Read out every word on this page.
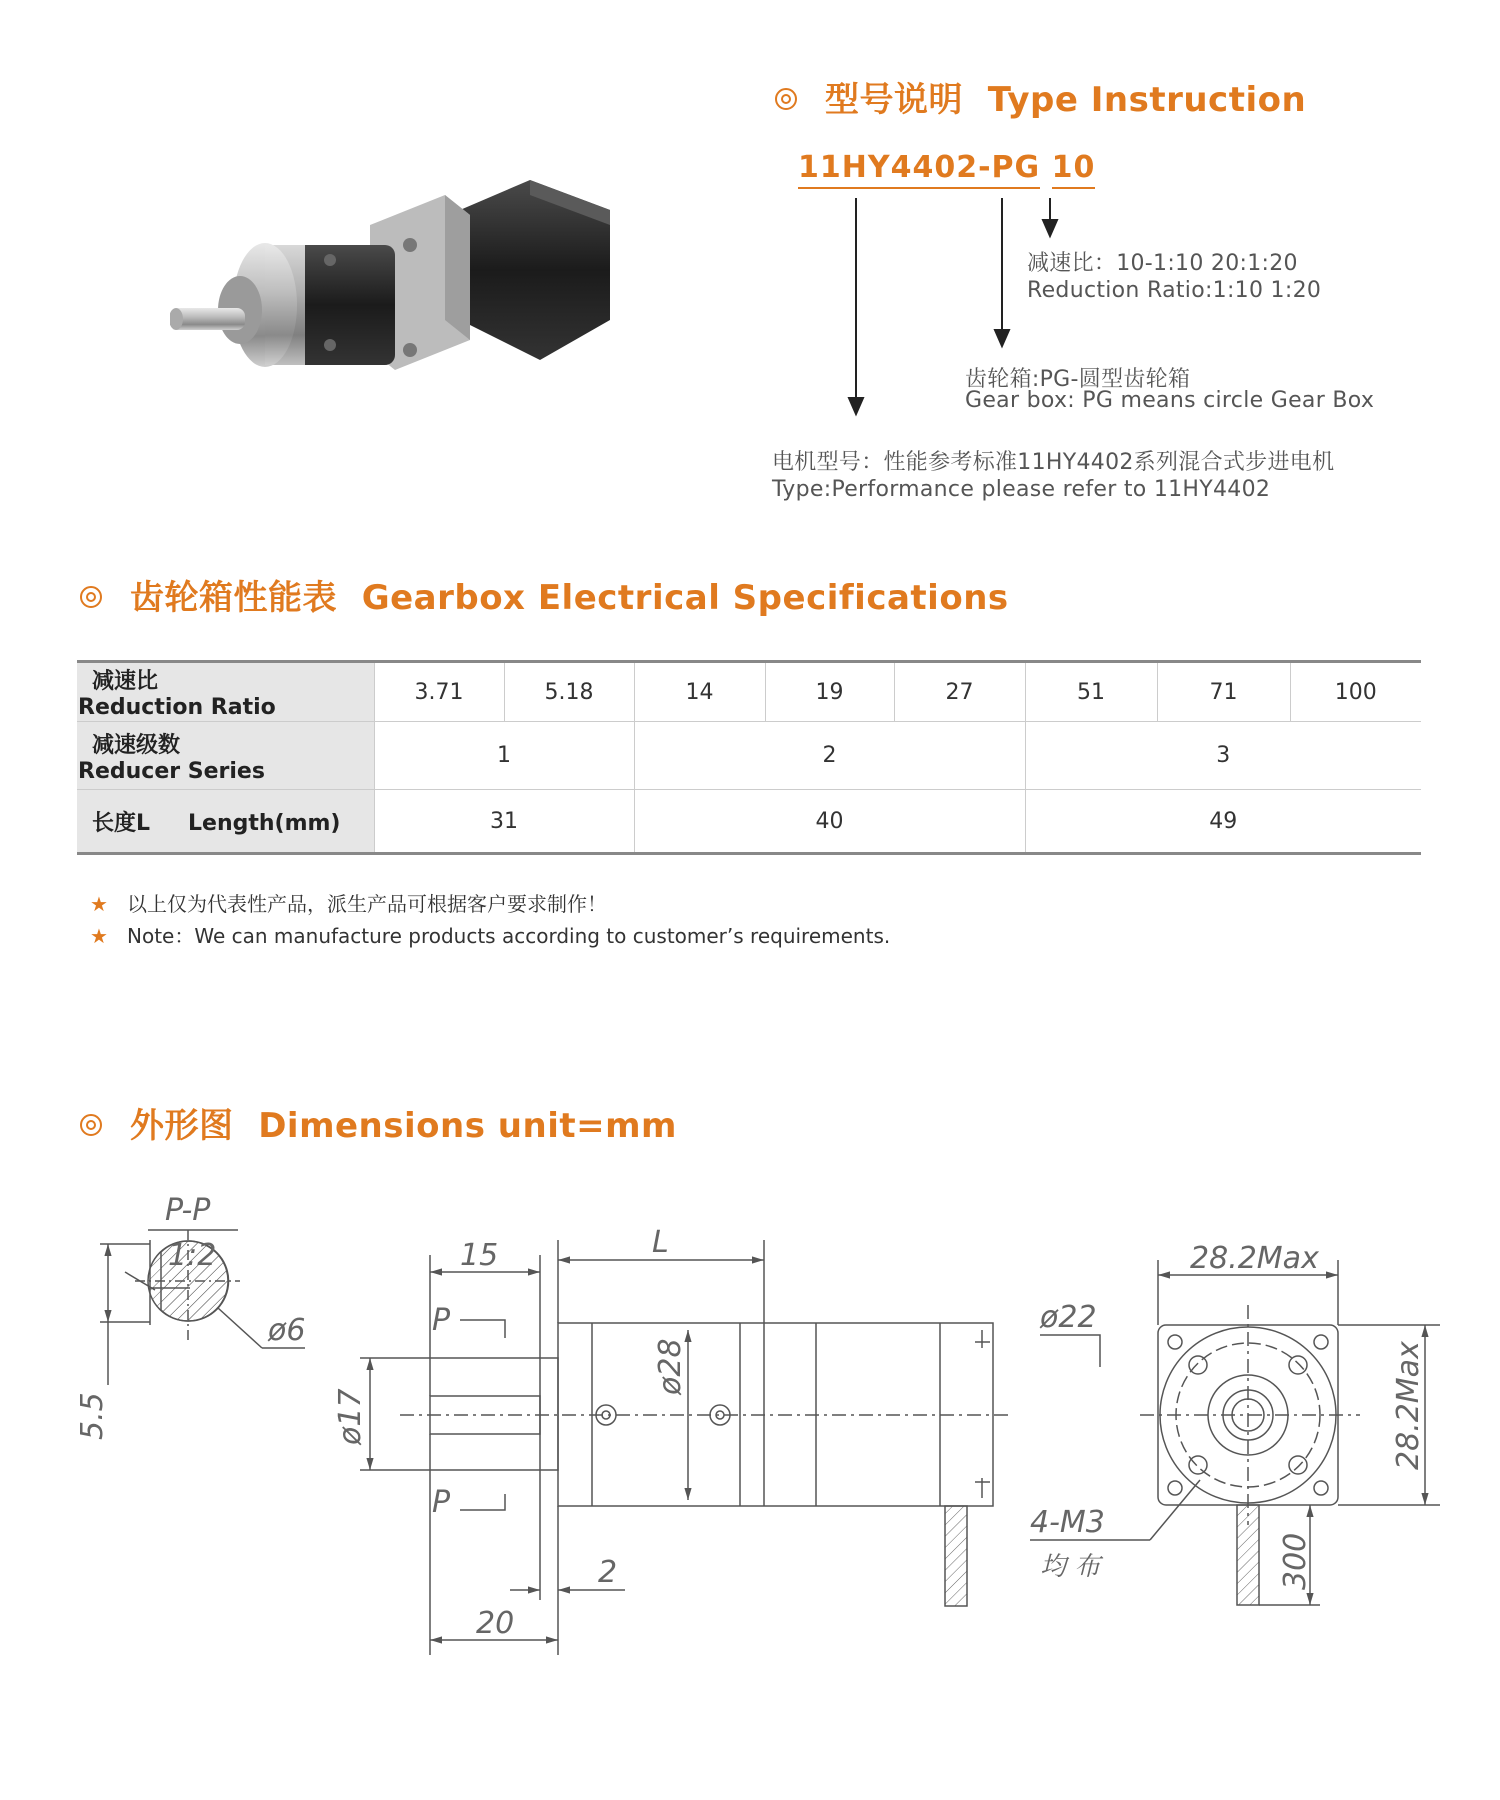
型号说明 Type Instruction
11HY4402-PG 10
减速比：10-1:10 20:1:20
Reduction Ratio:1:10 1:20
齿轮箱:PG-圆型齿轮箱
Gear box: PG means circle Gear Box
电机型号：性能参考标准11HY4402系列混合式步进电机
Type:Performance please refer to 11HY4402
齿轮箱性能表 Gearbox Electrical Specifications
减速比Reduction Ratio	3.71	5.18	14	19	27	51	71	100
减速级数Reducer Series	1		2			3		
长度L Length(mm)	31		40			49		
★ 以上仅为代表性产品，派生产品可根据客户要求制作！
★ Note：We can manufacture products according to customer’s requirements.
外形图 Dimensions unit=mm
P-P
1:2
ø6
5.5
15	L
P
P
ø17
ø28
2
20
28.2Max
28.2Max
ø22
4-M3
均 布	300
